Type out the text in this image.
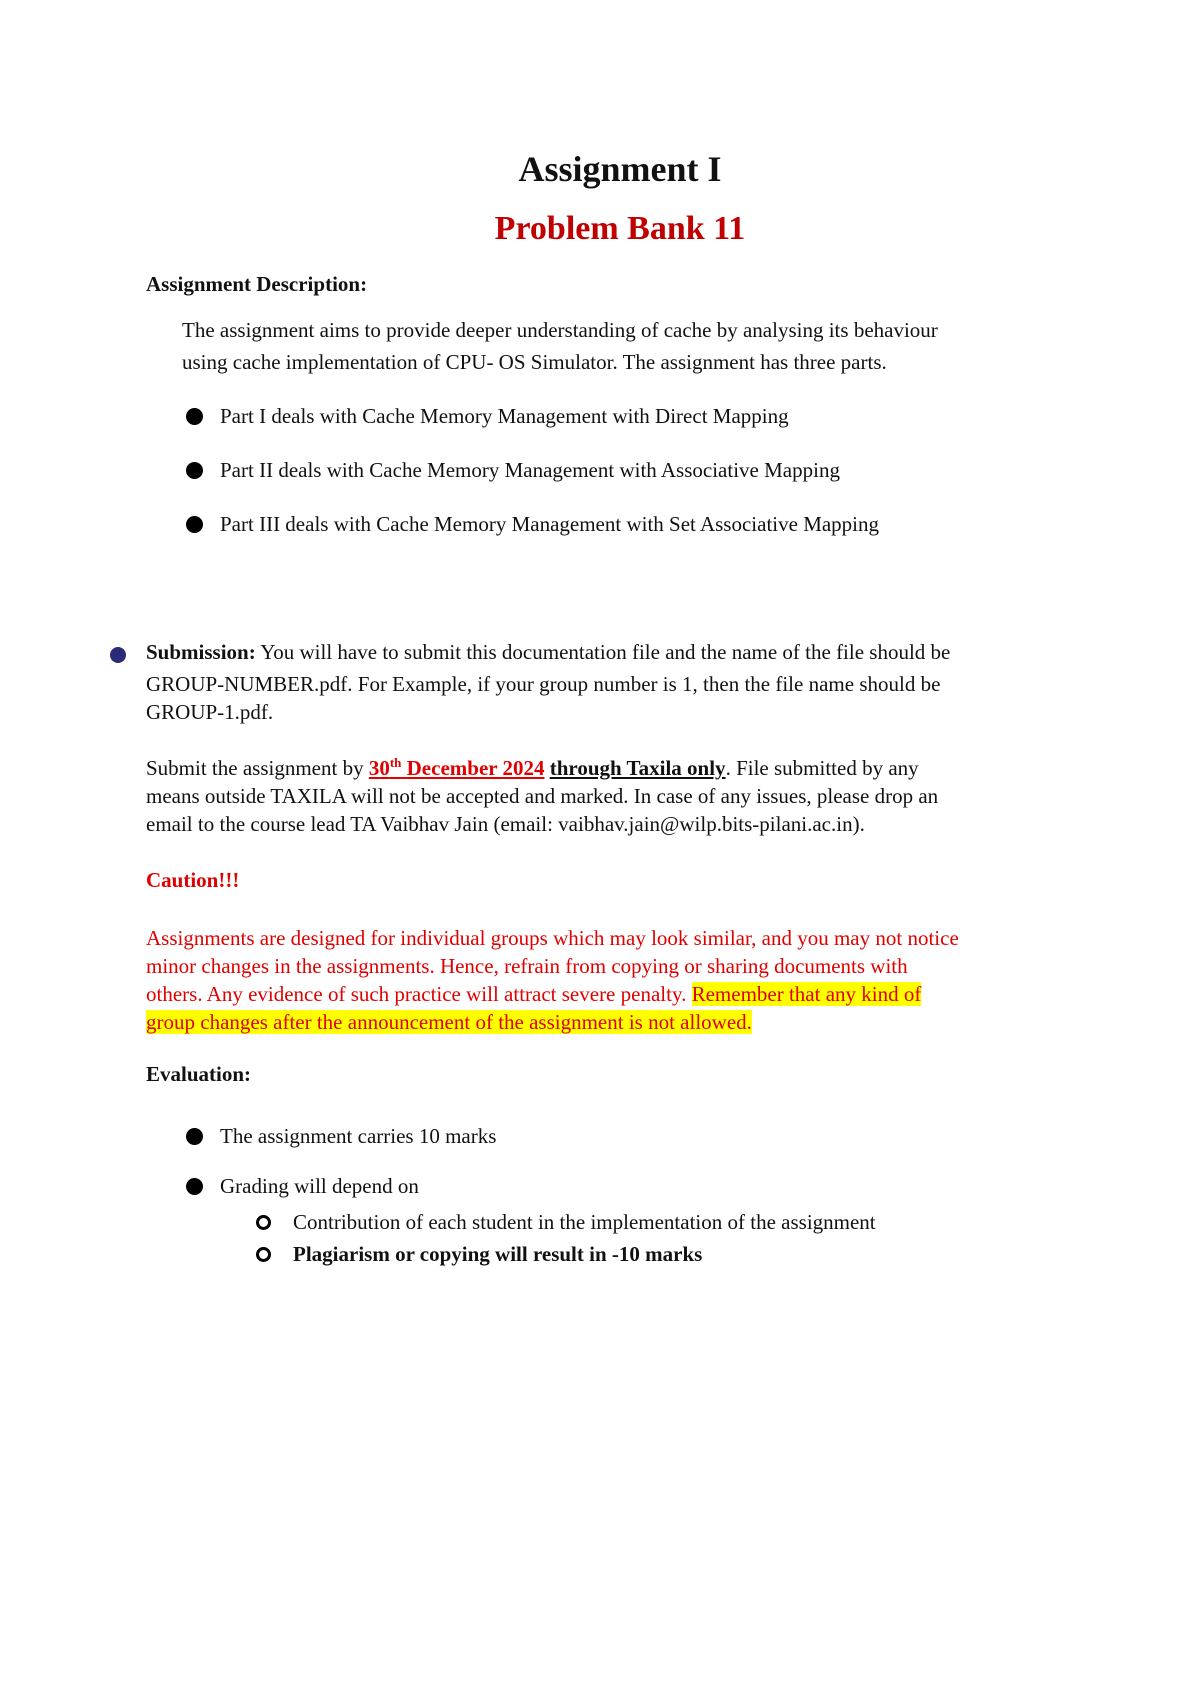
Assignment I
Problem Bank 11
Assignment Description:
The assignment aims to provide deeper understanding of cache by analysing its behaviour
using cache implementation of CPU- OS Simulator. The assignment has three parts.
Part I deals with Cache Memory Management with Direct Mapping
Part II deals with Cache Memory Management with Associative Mapping
Part III deals with Cache Memory Management with Set Associative Mapping
Submission: You will have to submit this documentation file and the name of the file should be
GROUP-NUMBER.pdf. For Example, if your group number is 1, then the file name should be
GROUP-1.pdf.
Submit the assignment by 30th December 2024 through Taxila only. File submitted by any
means outside TAXILA will not be accepted and marked. In case of any issues, please drop an
email to the course lead TA Vaibhav Jain (email: vaibhav.jain@wilp.bits-pilani.ac.in).
Caution!!!
Assignments are designed for individual groups which may look similar, and you may not notice
minor changes in the assignments. Hence, refrain from copying or sharing documents with
others. Any evidence of such practice will attract severe penalty. Remember that any kind of
group changes after the announcement of the assignment is not allowed.
Evaluation:
The assignment carries 10 marks
Grading will depend on
Contribution of each student in the implementation of the assignment
Plagiarism or copying will result in -10 marks
